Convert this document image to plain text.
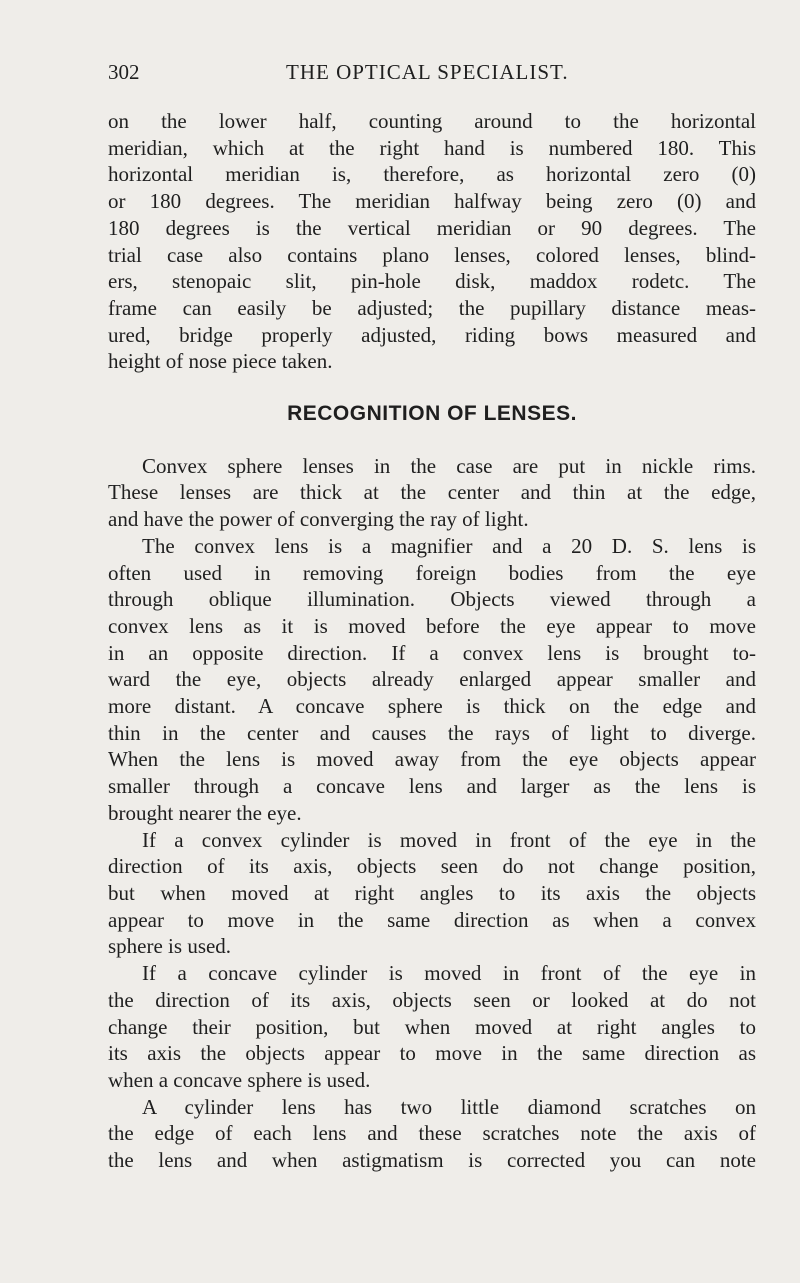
302	THE OPTICAL SPECIALIST.

on the lower half, counting around to the horizontal

meridian, which at the right hand is numbered 180. This

horizontal meridian is, therefore, as horizontal zero (0)

or 180 degrees. The meridian halfway being zero (0) and

180 degrees is the vertical meridian or 90 degrees. The

trial case also contains plano lenses, colored lenses, blind-

ers, stenopaic slit, pin-hole disk, maddox rodetc. The

frame can easily be adjusted; the pupillary distance meas-

ured, bridge properly adjusted, riding bows measured and

height of nose piece taken.

RECOGNITION OF LENSES.

Convex sphere lenses in the case are put in nickle rims.

These lenses are thick at the center and thin at the edge,

and have the power of converging the ray of light.

The convex lens is a magnifier and a 20 D. S. lens is

often used in removing foreign bodies from the eye

through oblique illumination. Objects viewed through a

convex lens as it is moved before the eye appear to move

in an opposite direction. If a convex lens is brought to-

ward the eye, objects already enlarged appear smaller and

more distant. A concave sphere is thick on the edge and

thin in the center and causes the rays of light to diverge.

When the lens is moved away from the eye objects appear

smaller through a concave lens and larger as the lens is

brought nearer the eye.

If a convex cylinder is moved in front of the eye in the

direction of its axis, objects seen do not change position,

but when moved at right angles to its axis the objects

appear to move in the same direction as when a convex

sphere is used.

If a concave cylinder is moved in front of the eye in

the direction of its axis, objects seen or looked at do not

change their position, but when moved at right angles to

its axis the objects appear to move in the same direction as

when a concave sphere is used.

A cylinder lens has two little diamond scratches on

the edge of each lens and these scratches note the axis of

the lens and when astigmatism is corrected you can note
